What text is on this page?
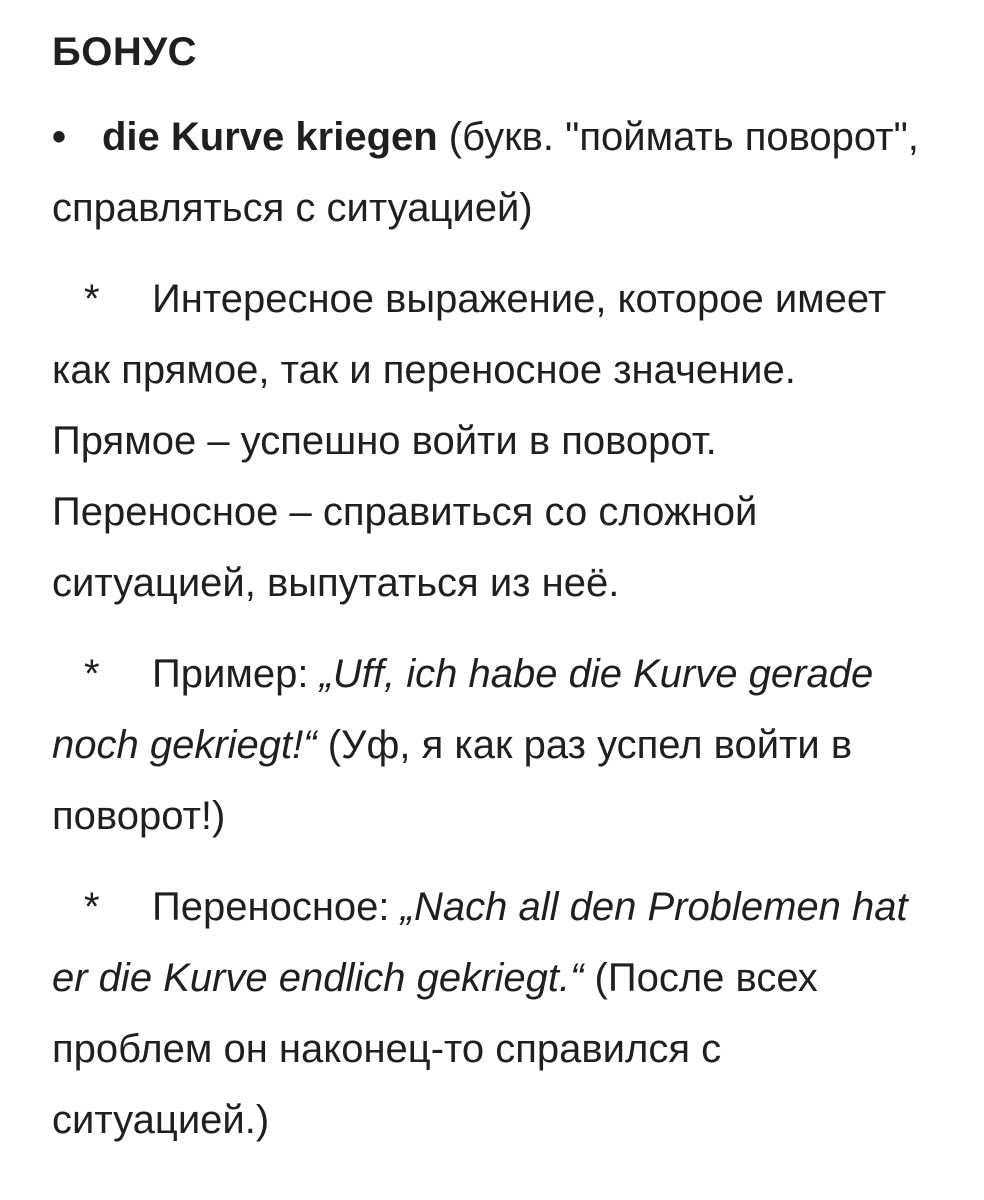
БОНУС

• die Kurve kriegen (букв. "поймать поворот", справляться с ситуацией)

* Интересное выражение, которое имеет как прямое, так и переносное значение. Прямое – успешно войти в поворот. Переносное – справиться со сложной ситуацией, выпутаться из неё.

* Пример: „Uff, ich habe die Kurve gerade noch gekriegt!“ (Уф, я как раз успел войти в поворот!)

* Переносное: „Nach all den Problemen hat er die Kurve endlich gekriegt.“ (После всех проблем он наконец-то справился с ситуацией.)
